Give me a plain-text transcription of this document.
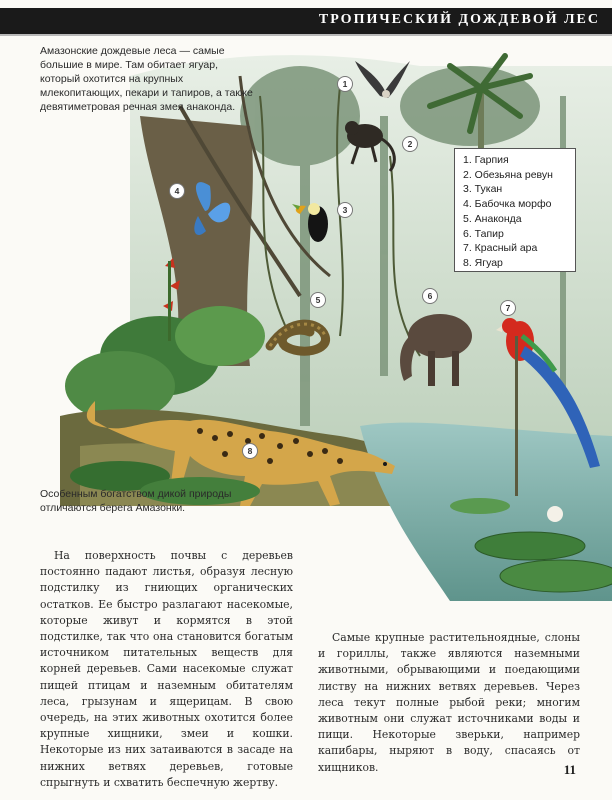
ТРОПИЧЕСКИЙ ДОЖДЕВОЙ ЛЕС
1
2
3
4
5	6
7
8
Амазонские дождевые леса — самые большие в мире. Там обитает ягуар, который охотится на крупных млекопитающих, пекари и тапиров, а также девятиметровая речная змея анаконда.
Особенным богатством дикой природы отличаются берега Амазонки.
1. Гарпия
2. Обезьяна ревун
3. Тукан
4. Бабочка морфо
5. Анаконда
6. Тапир
7. Красный ара
8. Ягуар

На поверхность почвы с деревьев постоянно падают листья, образуя лесную подстилку из гниющих органических остатков. Ее быстро разлагают насекомые, которые живут и кормятся в этой подстилке, так что она становится богатым источником питательных веществ для корней деревьев. Сами насекомые служат пищей птицам и наземным обитателям леса, грызунам и ящерицам. В свою очередь, на этих животных охотится более крупные хищники, змеи и кошки. Некоторые из них затаиваются в засаде на нижних ветвях деревьев, готовые спрыгнуть и схватить беспечную жертву.

Самые крупные растительноядные, слоны и гориллы, также являются наземными животными, обрывающими и поедающими листву на нижних ветвях деревьев. Через леса текут полные рыбой реки; многим животным они служат источниками воды и пищи. Некоторые зверьки, например капибары, ныряют в воду, спасаясь от хищников.	11
